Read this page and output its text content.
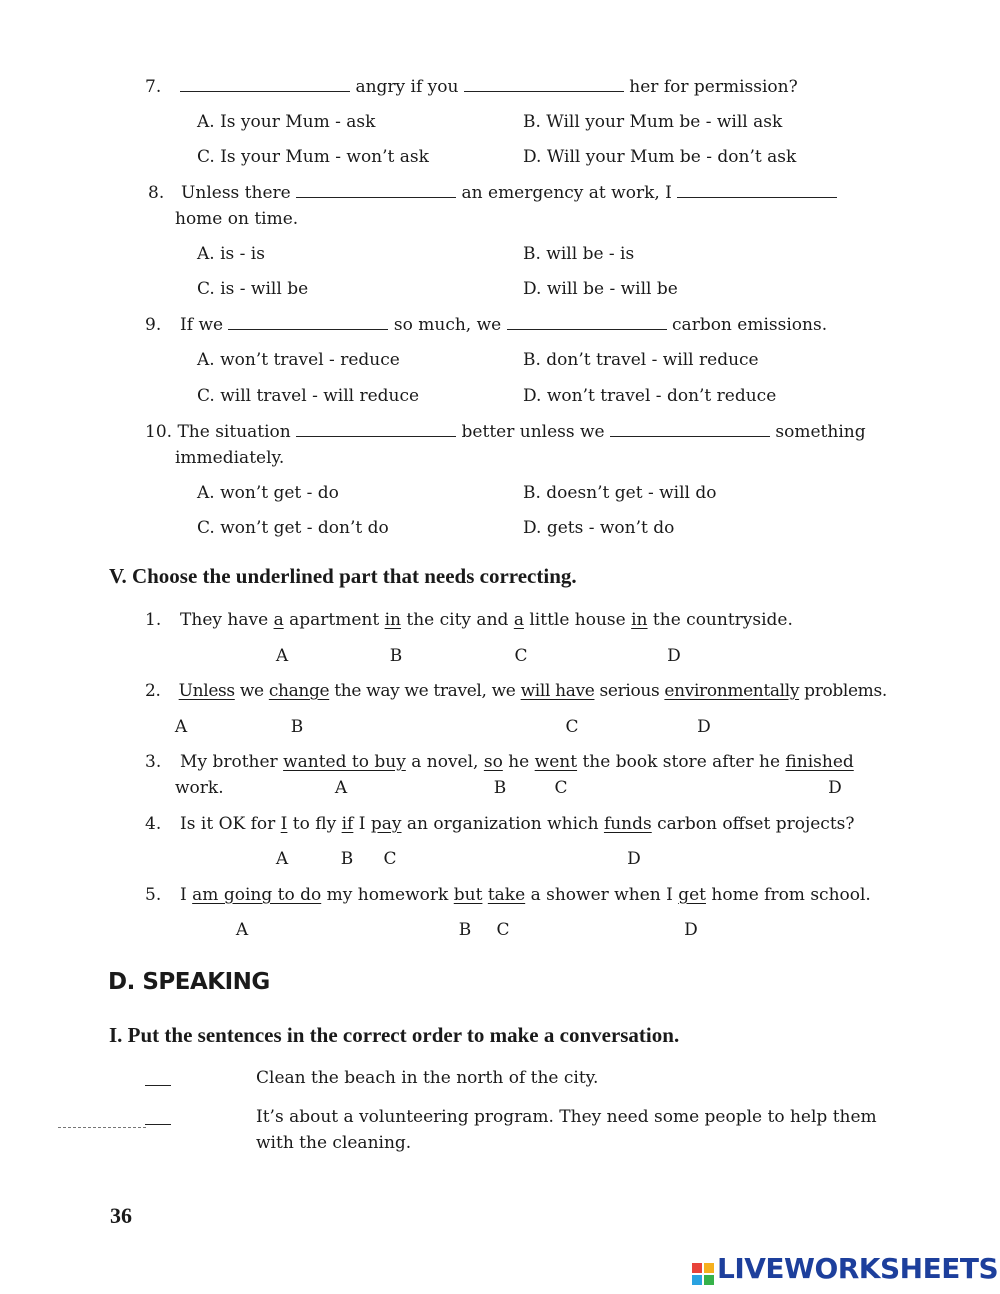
7.	angry if you	her for permission?
A. Is your Mum - ask	B. Will your Mum be - will ask
C. Is your Mum - won’t ask	D. Will your Mum be - don’t ask
8. Unless there	an emergency at work, I
home on time.
A. is - is	B. will be - is
C. is - will be	D. will be - will be
9. If we	so much, we	carbon emissions.
A. won’t travel - reduce	B. don’t travel - will reduce
C. will travel - will reduce	D. won’t travel - don’t reduce
10. The situation	better unless we	something
immediately.
A. won’t get - do	B. doesn’t get - will do
C. won’t get - don’t do	D. gets - won’t do
V. Choose the underlined part that needs correcting.
1. They have a apartment in the city and a little house in the countryside.
A	B	C	D
2. Unless we change the way we travel, we will have serious environmentally problems.
A	B	C	D
3. My brother wanted to buy a novel, so he went the book store after he finished
work.	A	B	C	D
4. Is it OK for I to fly if I pay an organization which funds carbon offset projects?
A	B C	D
5. I am going to do my homework but take a shower when I get home from school.
A	B C	D
D. SPEAKING
I. Put the sentences in the correct order to make a conversation.
Clean the beach in the north of the city.
It’s about a volunteering program. They need some people to help them
with the cleaning.
36
LIVEWORKSHEETS
